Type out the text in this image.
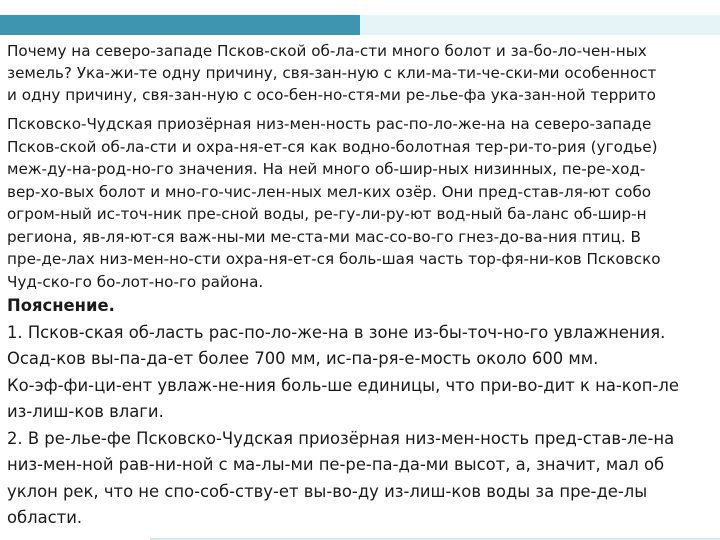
Почему на северо-западе Псков-ской об-ла-сти много болот и за-бо-ло-чен-ных
земель? Ука-жи-те одну причину, свя-зан-ную с кли-ма-ти-че-ски-ми особенност
и одну причину, свя-зан-ную с осо-бен-но-стя-ми ре-лье-фа ука-зан-ной террито
Псковско-Чудская приозёрная низ-мен-ность рас-по-ло-же-на на северо-западе
Псков-ской об-ла-сти и охра-ня-ет-ся как водно-болотная тер-ри-то-рия (угодье)
меж-ду-на-род-но-го значения. На ней много об-шир-ных низинных, пе-ре-ход-
вер-хо-вых болот и мно-го-чис-лен-ных мел-ких озёр. Они пред-став-ля-ют собо
огром-ный ис-точ-ник пре-сной воды, ре-гу-ли-ру-ют вод-ный ба-ланс об-шир-н
региона, яв-ля-ют-ся важ-ны-ми ме-ста-ми мас-со-во-го гнез-до-ва-ния птиц. В
пре-де-лах низ-мен-но-сти охра-ня-ет-ся боль-шая часть тор-фя-ни-ков Псковско
Чуд-ско-го бо-лот-но-го района.
Пояснение.
1. Псков-ская об-ласть рас-по-ло-же-на в зоне из-бы-точ-но-го увлажнения.
Осад-ков вы-па-да-ет более 700 мм, ис-па-ря-е-мость около 600 мм.
Ко-эф-фи-ци-ент увлаж-не-ния боль-ше единицы, что при-во-дит к на-коп-ле
из-лиш-ков влаги.
2. В ре-лье-фе Псковско-Чудская приозёрная низ-мен-ность пред-став-ле-на
низ-мен-ной рав-ни-ной с ма-лы-ми пе-ре-па-да-ми высот, а, значит, мал об
уклон рек, что не спо-соб-ству-ет вы-во-ду из-лиш-ков воды за пре-де-лы
области.
